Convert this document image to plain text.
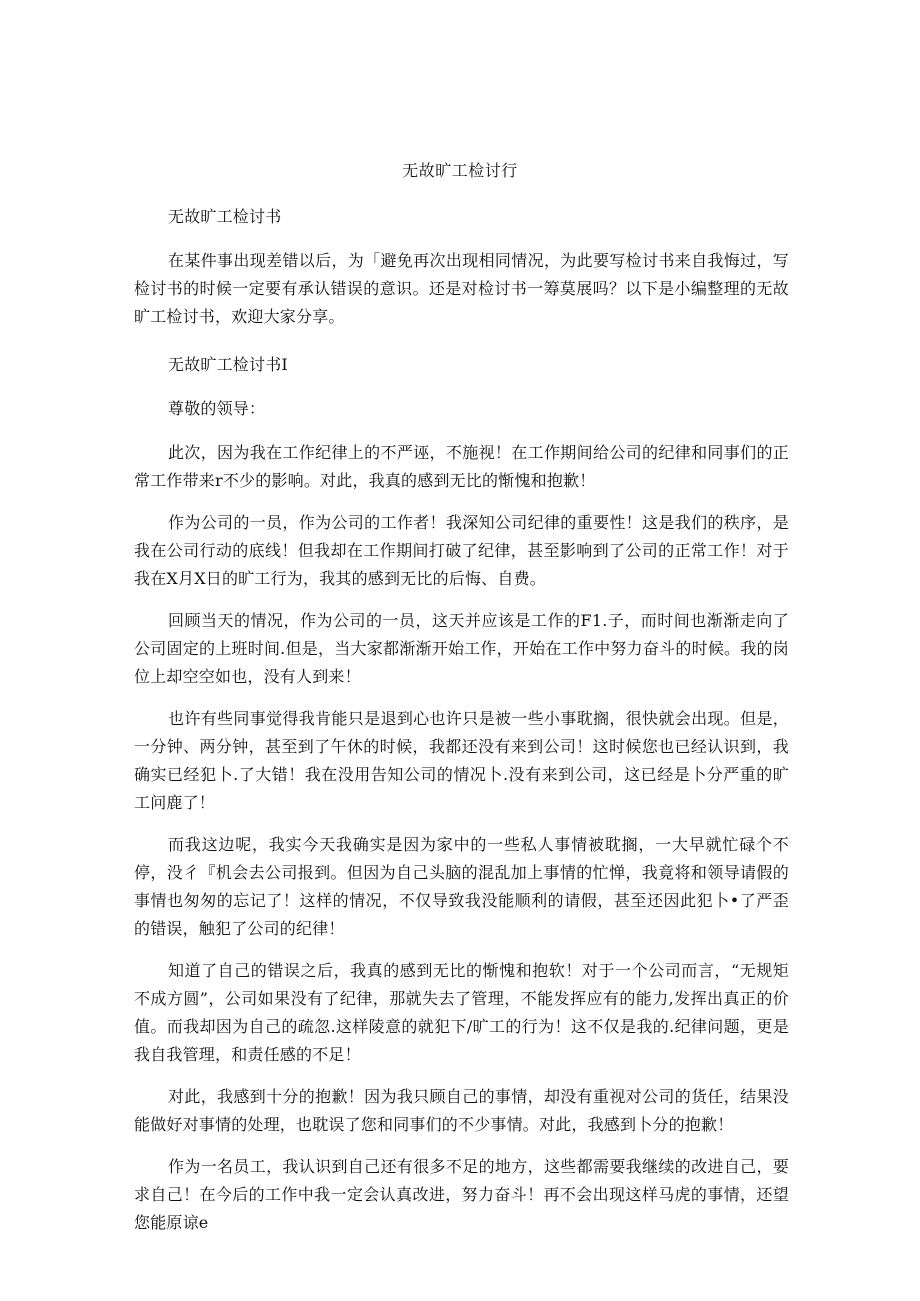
无故旷工检讨行

无故旷工检讨书

在某件事出现差错以后，为「避免再次出现相同情况，为此要写检讨书来自我悔过，写检讨书的时候一定要有承认错误的意识。还是对检讨书一筹莫展吗？以下是小编整理的无故旷工检讨书，欢迎大家分享。

无故旷工检讨书I

尊敬的领导：

此次，因为我在工作纪律上的不严诬，不施视！在工作期间给公司的纪律和同事们的正常工作带来r不少的影响。对此，我真的感到无比的惭愧和抱歉！

作为公司的一员，作为公司的工作者！我深知公司纪律的重要性！这是我们的秩序，是我在公司行动的底线！但我却在工作期间打破了纪律，甚至影响到了公司的正常工作！对于我在X月X日的旷工行为，我其的感到无比的后悔、自费。

回顾当天的情况，作为公司的一员，这天并应该是工作的F1.子，而时间也渐渐走向了公司固定的上班时间.但是，当大家都渐渐开始工作，开始在工作中努力奋斗的时候。我的岗位上却空空如也，没有人到来！

也许有些同事觉得我肯能只是退到心也许只是被一些小事耽搁，很快就会出现。但是，一分钟、两分钟，甚至到了午休的时候，我都还没有来到公司！这时候您也已经认识到，我确实已经犯卜.了大错！我在没用告知公司的情况卜.没有来到公司，这已经是卜分严重的旷工问鹿了！

而我这边呢，我实今天我确实是因为家中的一些私人事情被耽搁，一大早就忙碌个不停，没彳『机会去公司报到。但因为自己头脑的混乱加上事情的忙惮，我竟将和领导请假的事情也匆匆的忘记了！这样的情况，不仅导致我没能顺利的请假，甚至还因此犯卜•了严歪的错误，触犯了公司的纪律！

知道了自己的错误之后，我真的感到无比的惭愧和抱软！对于一个公司而言，“无规矩不成方圆”，公司如果没有了纪律，那就失去了管理，不能发挥应有的能力,发挥出真正的价值。而我却因为自己的疏忽.这样陵意的就犯下/旷工的行为！这不仅是我的.纪律问题，更是我自我管理，和责任感的不足！

对此，我感到十分的抱歉！因为我只顾自己的事情，却没有重视对公司的货任，结果没能做好对事情的处理，也耽误了您和同事们的不少事情。对此，我感到卜分的抱歉！

作为一名员工，我认识到自己还有很多不足的地方，这些都需要我继续的改进自己，要求自己！在今后的工作中我一定会认真改进，努力奋斗！再不会出现这样马虎的事情，还望您能原谅e
